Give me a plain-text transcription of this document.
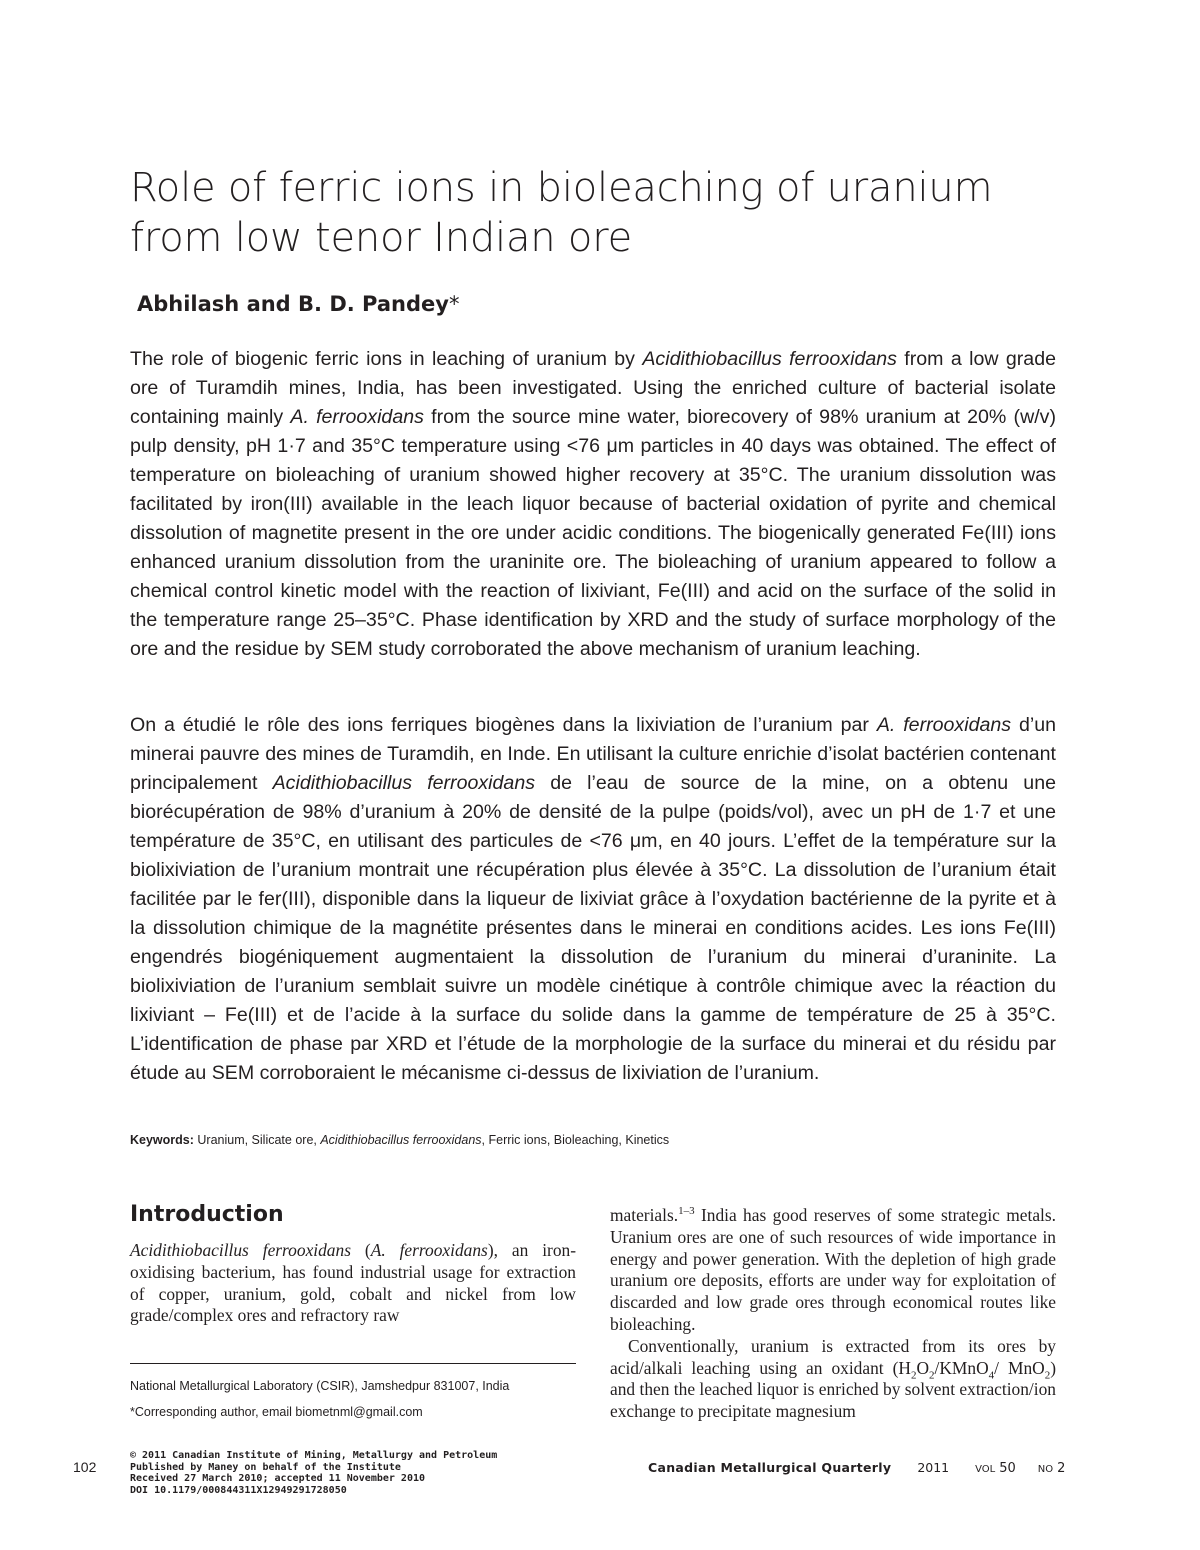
Role of ferric ions in bioleaching of uranium from low tenor Indian ore
Abhilash and B. D. Pandey*

The role of biogenic ferric ions in leaching of uranium by Acidithiobacillus ferrooxidans from a low grade ore of Turamdih mines, India, has been investigated. Using the enriched culture of bacterial isolate containing mainly A. ferrooxidans from the source mine water, biorecovery of 98% uranium at 20% (w/v) pulp density, pH 1·7 and 35°C temperature using <76 μm particles in 40 days was obtained. The effect of temperature on bioleaching of uranium showed higher recovery at 35°C. The uranium dissolution was facilitated by iron(III) available in the leach liquor because of bacterial oxidation of pyrite and chemical dissolution of magnetite present in the ore under acidic conditions. The biogenically generated Fe(III) ions enhanced uranium dissolution from the uraninite ore. The bioleaching of uranium appeared to follow a chemical control kinetic model with the reaction of lixiviant, Fe(III) and acid on the surface of the solid in the temperature range 25–35°C. Phase identification by XRD and the study of surface morphology of the ore and the residue by SEM study corroborated the above mechanism of uranium leaching.

On a étudié le rôle des ions ferriques biogènes dans la lixiviation de l’uranium par A. ferrooxidans d’un minerai pauvre des mines de Turamdih, en Inde. En utilisant la culture enrichie d’isolat bactérien contenant principalement Acidithiobacillus ferrooxidans de l’eau de source de la mine, on a obtenu une biorécupération de 98% d’uranium à 20% de densité de la pulpe (poids/vol), avec un pH de 1·7 et une température de 35°C, en utilisant des particules de <76 μm, en 40 jours. L’effet de la température sur la biolixiviation de l’uranium montrait une récupération plus élevée à 35°C. La dissolution de l’uranium était facilitée par le fer(III), disponible dans la liqueur de lixiviat grâce à l’oxydation bactérienne de la pyrite et à la dissolution chimique de la magnétite présentes dans le minerai en conditions acides. Les ions Fe(III) engendrés biogéniquement augmentaient la dissolution de l’uranium du minerai d’uraninite. La biolixiviation de l’uranium semblait suivre un modèle cinétique à contrôle chimique avec la réaction du lixiviant – Fe(III) et de l’acide à la surface du solide dans la gamme de température de 25 à 35°C. L’identification de phase par XRD et l’étude de la morphologie de la surface du minerai et du résidu par étude au SEM corroboraient le mécanisme ci-dessus de lixiviation de l’uranium.

Keywords: Uranium, Silicate ore, Acidithiobacillus ferrooxidans, Ferric ions, Bioleaching, Kinetics
Introduction

Acidithiobacillus ferrooxidans (A. ferrooxidans), an iron-oxidising bacterium, has found industrial usage for extraction of copper, uranium, gold, cobalt and nickel from low grade/complex ores and refractory raw

materials.$^{1-3}$ India has good reserves of some strategic metals. Uranium ores are one of such resources of wide importance in energy and power generation. With the depletion of high grade uranium ore deposits, efforts are under way for exploitation of discarded and low grade ores through economical routes like bioleaching.

Conventionally, uranium is extracted from its ores by acid/alkali leaching using an oxidant ($H_2O_2/KMnO_4/$ MnO$_2$) and then the leached liquor is enriched by solvent extraction/ion exchange to precipitate magnesium

National Metallurgical Laboratory (CSIR), Jamshedpur 831007, India
*Corresponding author, email biometnml@gmail.com
© 2011 Canadian Institute of Mining, Metallurgy and Petroleum
Published by Maney on behalf of the Institute
Received 27 March 2010; accepted 11 November 2010
DOI 10.1179/000844311X12949291728050
102	Canadian Metallurgical Quarterly 2011	VOL 50 NO 2
